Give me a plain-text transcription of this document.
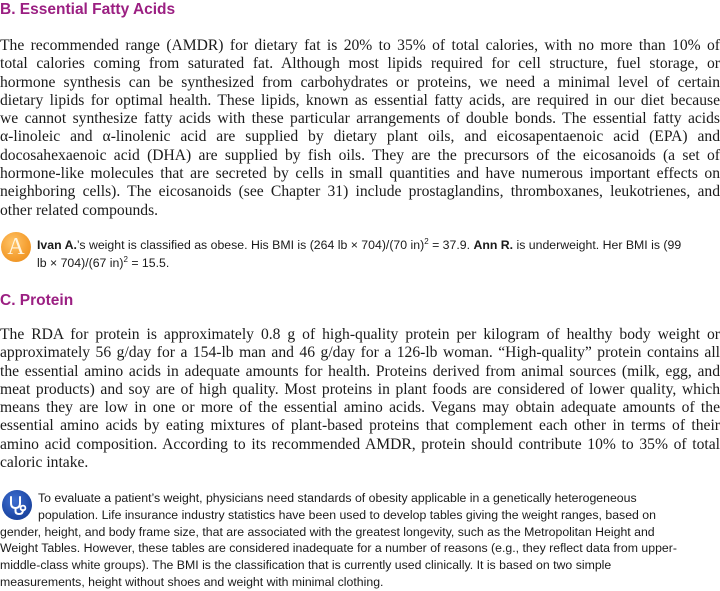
B. Essential Fatty Acids
The recommended range (AMDR) for dietary fat is 20% to 35% of total calories, with no more than 10% of
total calories coming from saturated fat. Although most lipids required for cell structure, fuel storage, or
hormone synthesis can be synthesized from carbohydrates or proteins, we need a minimal level of certain
dietary lipids for optimal health. These lipids, known as essential fatty acids, are required in our diet because
we cannot synthesize fatty acids with these particular arrangements of double bonds. The essential fatty acids
α-linoleic and α-linolenic acid are supplied by dietary plant oils, and eicosapentaenoic acid (EPA) and
docosahexaenoic acid (DHA) are supplied by fish oils. They are the precursors of the eicosanoids (a set of
hormone-like molecules that are secreted by cells in small quantities and have numerous important effects on
neighboring cells). The eicosanoids (see Chapter 31) include prostaglandins, thromboxanes, leukotrienes, and
other related compounds.
A Ivan A.’s weight is classified as obese. His BMI is (264 lb × 704)/(70 in)$^2$ = 37.9. Ann R. is underweight. Her BMI is (99
lb × 704)/(67 in)$^2$ = 15.5.
C. Protein
The RDA for protein is approximately 0.8 g of high-quality protein per kilogram of healthy body weight or
approximately 56 g/day for a 154-lb man and 46 g/day for a 126-lb woman. “High-quality” protein contains all
the essential amino acids in adequate amounts for health. Proteins derived from animal sources (milk, egg, and
meat products) and soy are of high quality. Most proteins in plant foods are considered of lower quality, which
means they are low in one or more of the essential amino acids. Vegans may obtain adequate amounts of the
essential amino acids by eating mixtures of plant-based proteins that complement each other in terms of their
amino acid composition. According to its recommended AMDR, protein should contribute 10% to 35% of total
caloric intake.
To evaluate a patient’s weight, physicians need standards of obesity applicable in a genetically heterogeneous
population. Life insurance industry statistics have been used to develop tables giving the weight ranges, based on
gender, height, and body frame size, that are associated with the greatest longevity, such as the Metropolitan Height and
Weight Tables. However, these tables are considered inadequate for a number of reasons (e.g., they reflect data from upper-
middle-class white groups). The BMI is the classification that is currently used clinically. It is based on two simple
measurements, height without shoes and weight with minimal clothing.
